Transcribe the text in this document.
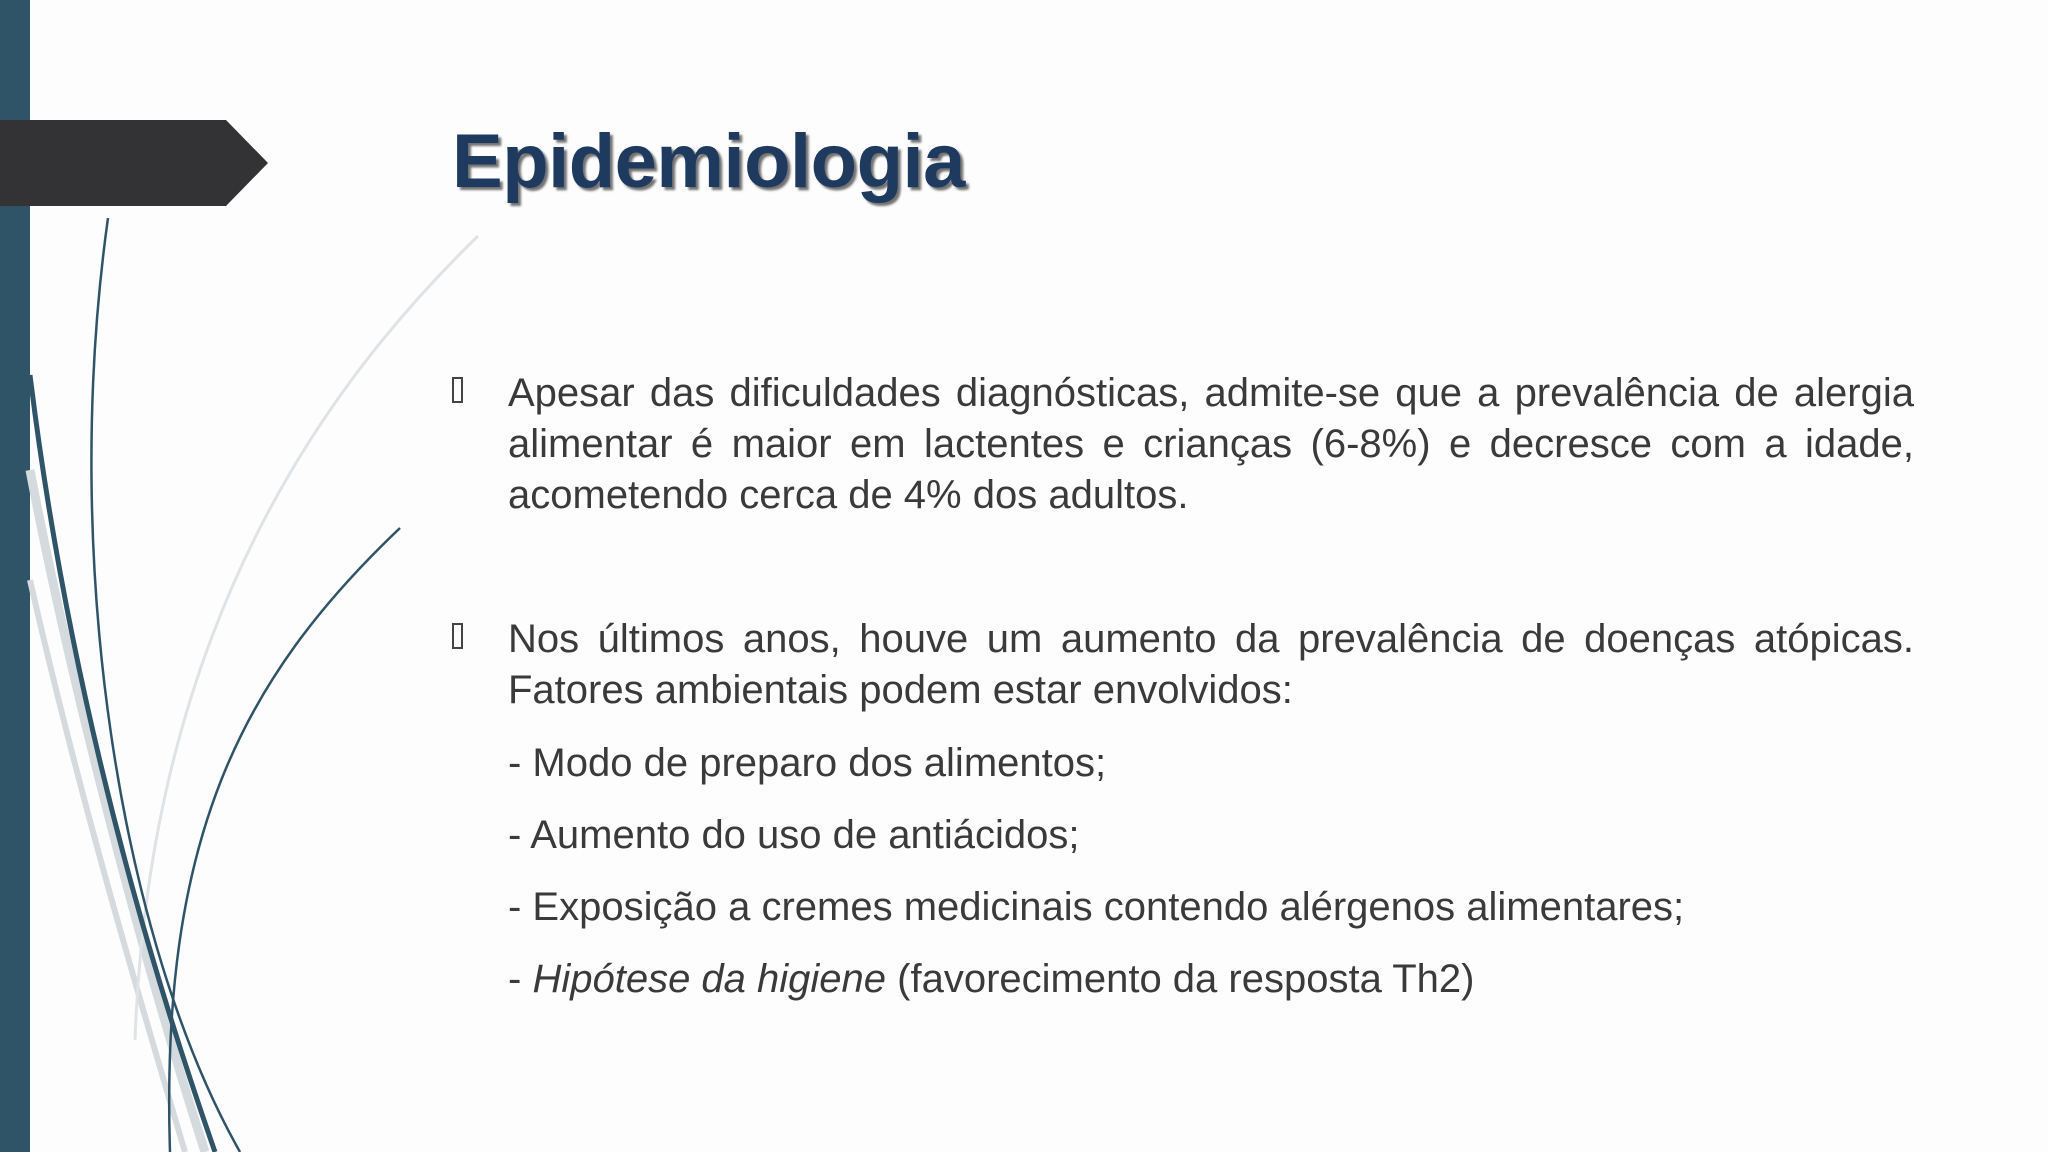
Epidemiologia

Apesar das dificuldades diagnósticas, admite-se que a prevalência de alergia alimentar é maior em lactentes e crianças (6-8%) e decresce com a idade, acometendo cerca de 4% dos adultos.

Nos últimos anos, houve um aumento da prevalência de doenças atópicas. Fatores ambientais podem estar envolvidos:

- Modo de preparo dos alimentos;

- Aumento do uso de antiácidos;

- Exposição a cremes medicinais contendo alérgenos alimentares;

- Hipótese da higiene (favorecimento da resposta Th2)
